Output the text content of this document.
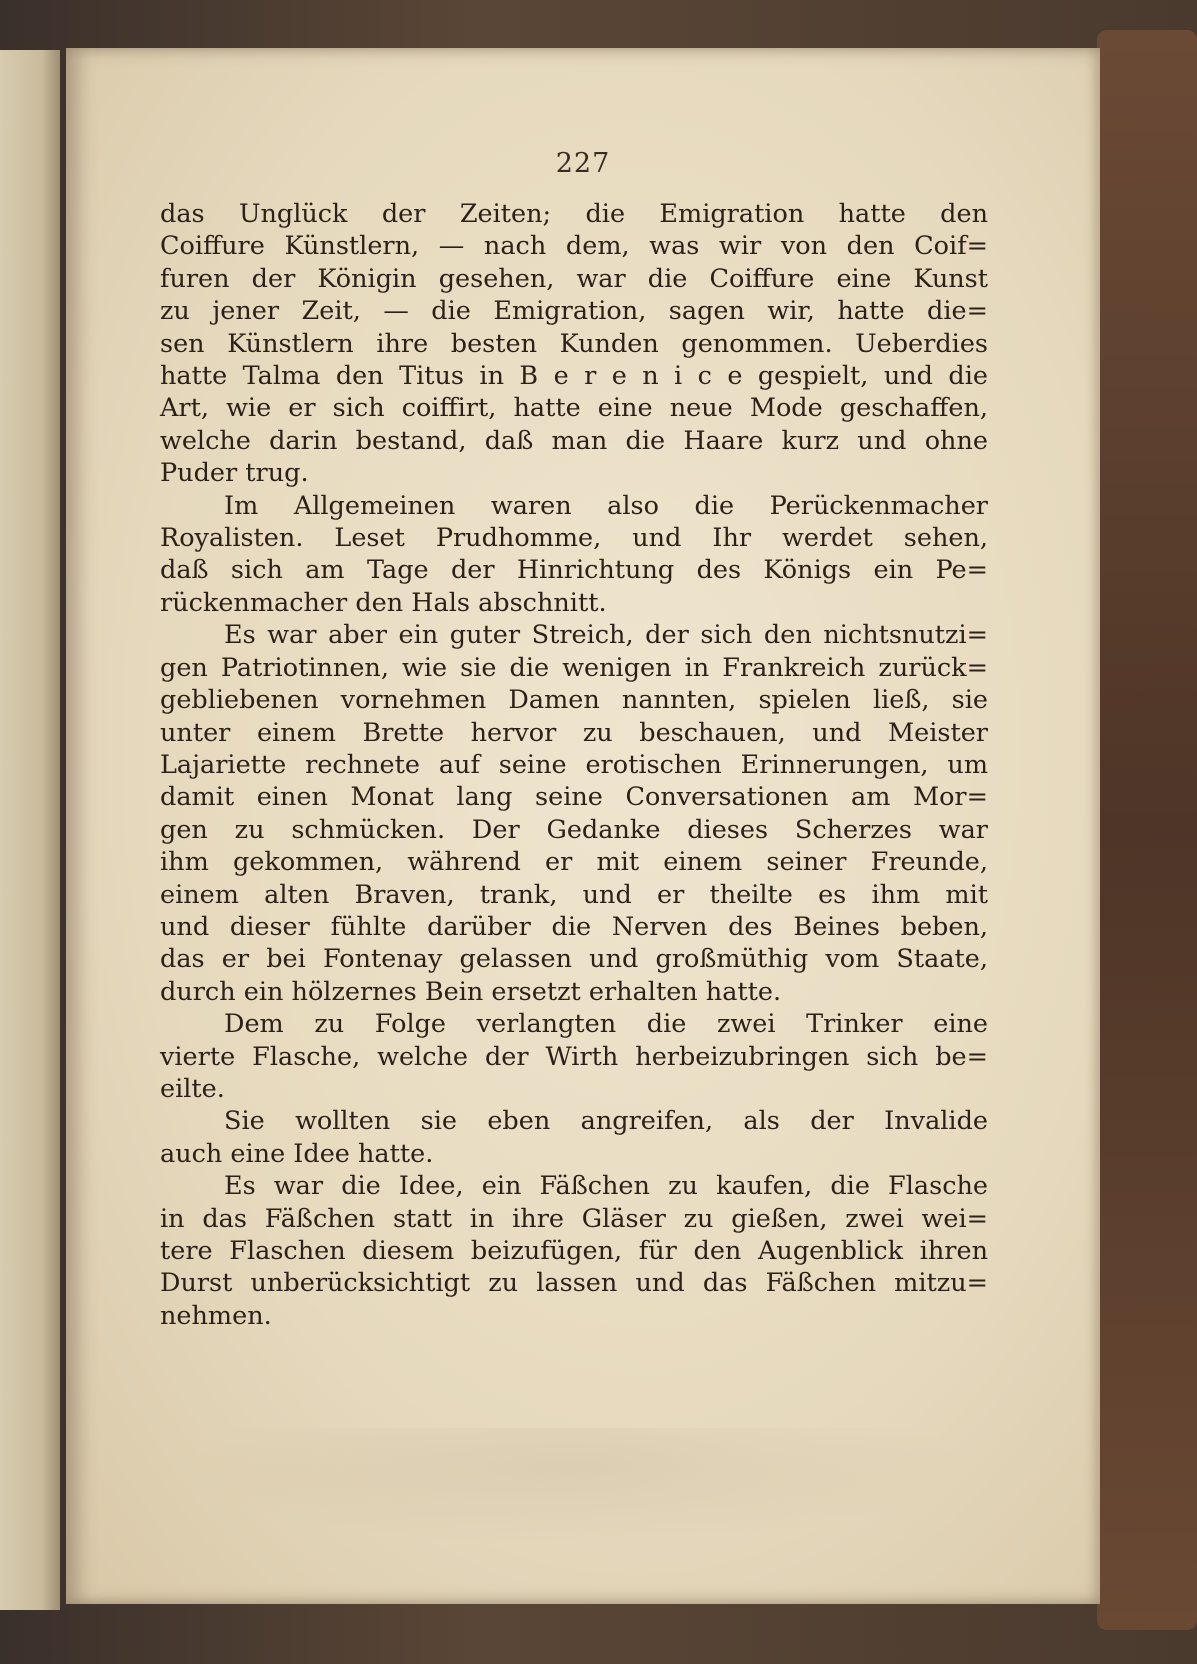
227
das Unglück der Zeiten; die Emigration hatte den
Coiffure Künstlern, — nach dem, was wir von den Coif=
furen der Königin gesehen, war die Coiffure eine Kunst
zu jener Zeit, — die Emigration, sagen wir, hatte die=
sen Künstlern ihre besten Kunden genommen. Ueberdies
hatte Talma den Titus in B e r e n i c e gespielt, und die
Art, wie er sich coiffirt, hatte eine neue Mode geschaffen,
welche darin bestand, daß man die Haare kurz und ohne
Puder trug.
Im Allgemeinen waren also die Perückenmacher
Royalisten. Leset Prudhomme, und Ihr werdet sehen,
daß sich am Tage der Hinrichtung des Königs ein Pe=
rückenmacher den Hals abschnitt.
Es war aber ein guter Streich, der sich den nichtsnutzi=
gen Patriotinnen, wie sie die wenigen in Frankreich zurück=
gebliebenen vornehmen Damen nannten, spielen ließ, sie
unter einem Brette hervor zu beschauen, und Meister
Lajariette rechnete auf seine erotischen Erinnerungen, um
damit einen Monat lang seine Conversationen am Mor=
gen zu schmücken. Der Gedanke dieses Scherzes war
ihm gekommen, während er mit einem seiner Freunde,
einem alten Braven, trank, und er theilte es ihm mit
und dieser fühlte darüber die Nerven des Beines beben,
das er bei Fontenay gelassen und großmüthig vom Staate,
durch ein hölzernes Bein ersetzt erhalten hatte.
Dem zu Folge verlangten die zwei Trinker eine
vierte Flasche, welche der Wirth herbeizubringen sich be=
eilte.
Sie wollten sie eben angreifen, als der Invalide
auch eine Idee hatte.
Es war die Idee, ein Fäßchen zu kaufen, die Flasche
in das Fäßchen statt in ihre Gläser zu gießen, zwei wei=
tere Flaschen diesem beizufügen, für den Augenblick ihren
Durst unberücksichtigt zu lassen und das Fäßchen mitzu=
nehmen.
